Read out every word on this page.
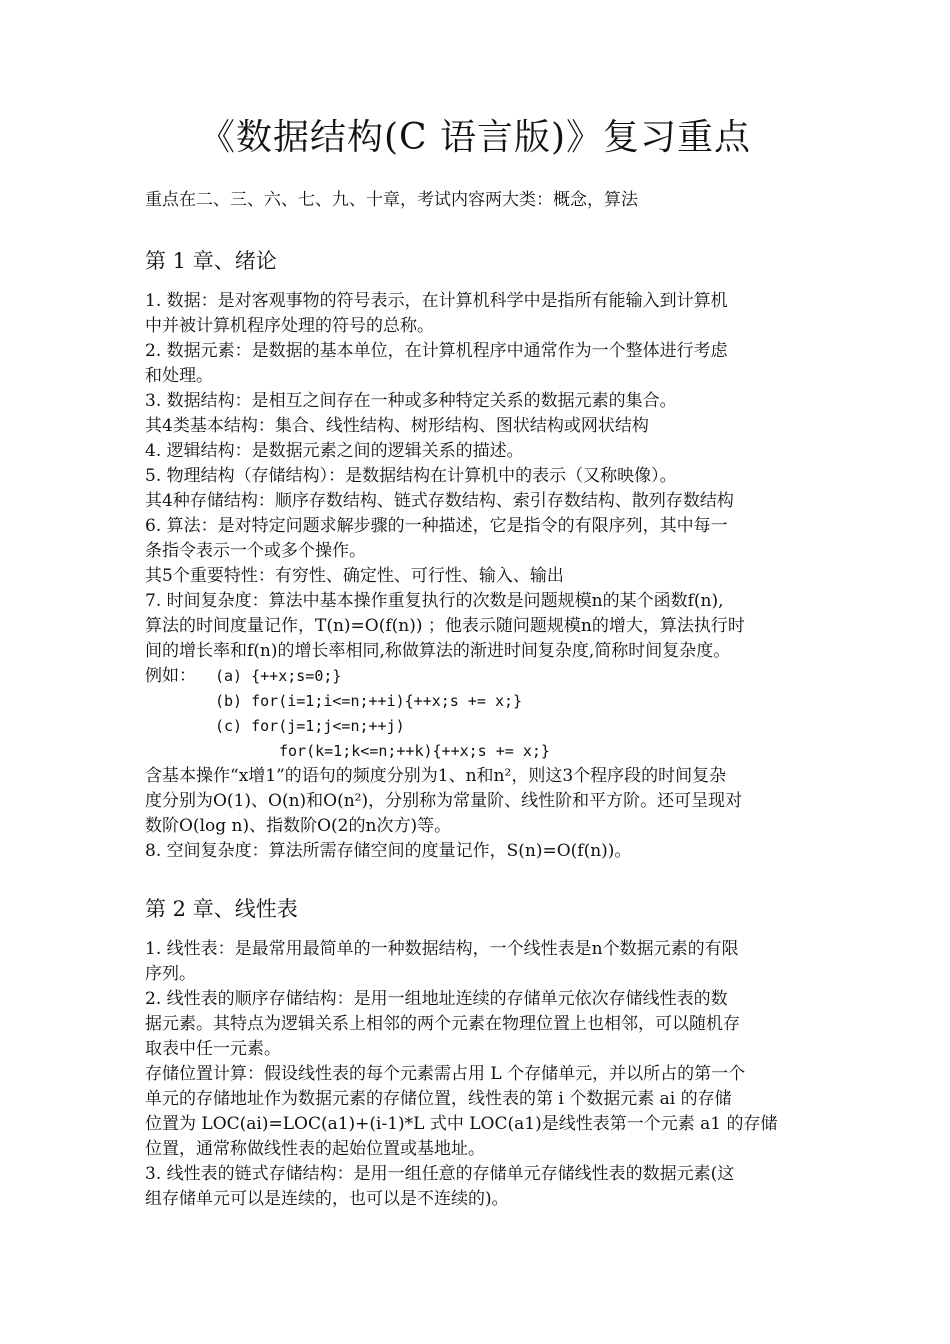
《数据结构(C 语言版)》复习重点
重点在二、三、六、七、九、十章，考试内容两大类：概念，算法
第 1 章、绪论
1. 数据：是对客观事物的符号表示，在计算机科学中是指所有能输入到计算机
中并被计算机程序处理的符号的总称。
2. 数据元素：是数据的基本单位，在计算机程序中通常作为一个整体进行考虑
和处理。
3. 数据结构：是相互之间存在一种或多种特定关系的数据元素的集合。
其4类基本结构：集合、线性结构、树形结构、图状结构或网状结构
4. 逻辑结构：是数据元素之间的逻辑关系的描述。
5. 物理结构（存储结构）：是数据结构在计算机中的表示（又称映像）。
其4种存储结构：顺序存数结构、链式存数结构、索引存数结构、散列存数结构
6. 算法：是对特定问题求解步骤的一种描述，它是指令的有限序列，其中每一
条指令表示一个或多个操作。
其5个重要特性：有穷性、确定性、可行性、输入、输出
7. 时间复杂度：算法中基本操作重复执行的次数是问题规模n的某个函数f(n),
算法的时间度量记作，T(n)=O(f(n)) ；他表示随问题规模n的增大，算法执行时
间的增长率和f(n)的增长率相同,称做算法的渐进时间复杂度,简称时间复杂度。
例如：	(a) {++x;s=0;}
(b) for(i=1;i<=n;++i){++x;s += x;}
(c) for(j=1;j<=n;++j)
for(k=1;k<=n;++k){++x;s += x;}
含基本操作“x增1”的语句的频度分别为1、n和n²，则这3个程序段的时间复杂
度分别为O(1)、O(n)和O(n²)，分别称为常量阶、线性阶和平方阶。还可呈现对
数阶O(log n)、指数阶O(2的n次方)等。
8. 空间复杂度：算法所需存储空间的度量记作，S(n)=O(f(n))。
第 2 章、线性表
1. 线性表：是最常用最简单的一种数据结构，一个线性表是n个数据元素的有限
序列。
2. 线性表的顺序存储结构：是用一组地址连续的存储单元依次存储线性表的数
据元素。其特点为逻辑关系上相邻的两个元素在物理位置上也相邻，可以随机存
取表中任一元素。
存储位置计算：假设线性表的每个元素需占用 L 个存储单元，并以所占的第一个
单元的存储地址作为数据元素的存储位置，线性表的第 i 个数据元素 ai 的存储
位置为 LOC(ai)=LOC(a1)+(i-1)*L 式中 LOC(a1)是线性表第一个元素 a1 的存储
位置，通常称做线性表的起始位置或基地址。
3. 线性表的链式存储结构：是用一组任意的存储单元存储线性表的数据元素(这
组存储单元可以是连续的，也可以是不连续的)。
